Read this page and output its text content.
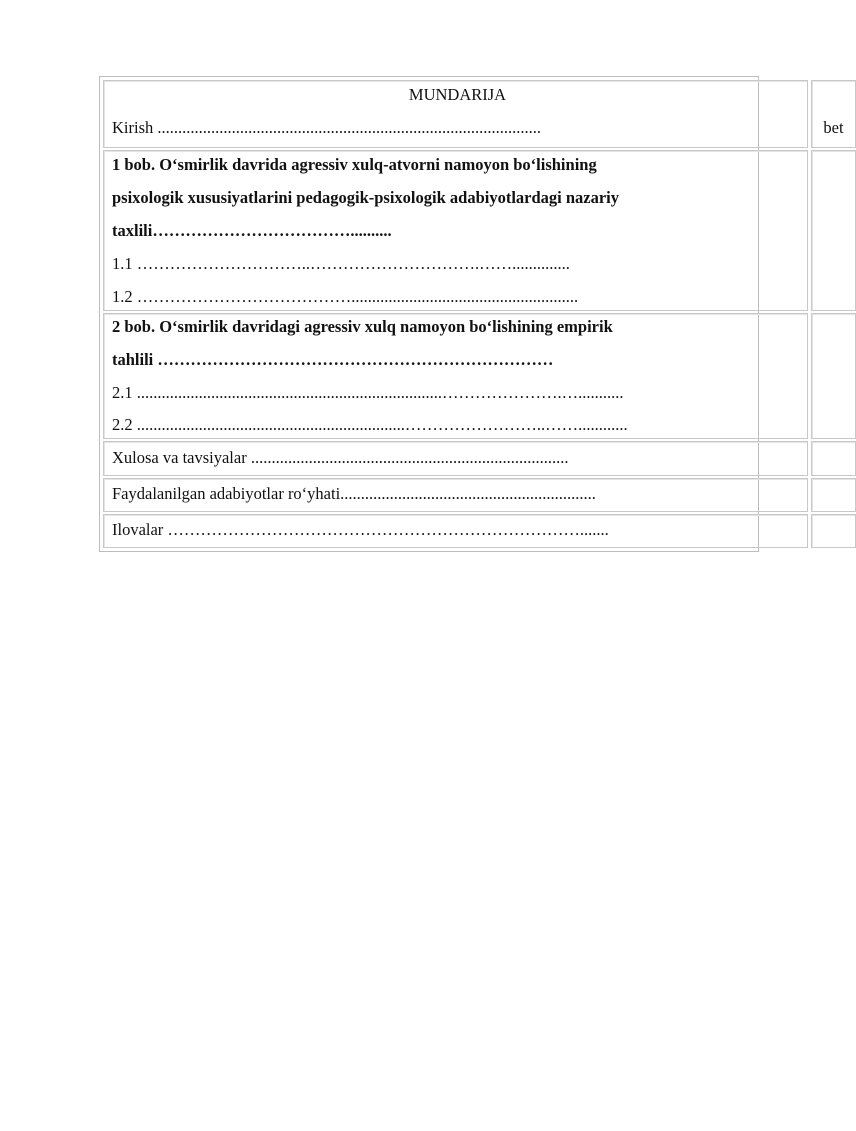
MUNDARIJA
Kirish .............................................................................................	bet
1 bob. O‘smirlik davrida agressiv xulq-atvorni namoyon bo‘lishining
psixologik xususiyatlarini pedagogik-psixologik adabiyotlardagi nazariy
taxlili………………………………..........
1.1 …………………………..………………………….……..............
1.2 ………………………………….......................................................
2 bob. O‘smirlik davridagi agressiv xulq namoyon bo‘lishining empirik
tahlili ………………………………………………………………
2.1 ..........................................................................………………….…...........
2.2 .................................................................……………………..……............
Xulosa va tavsiyalar .............................................................................
Faydalanilgan adabiyotlar ro‘yhati..............................................................
Ilovalar ………………………………………………………………….......
